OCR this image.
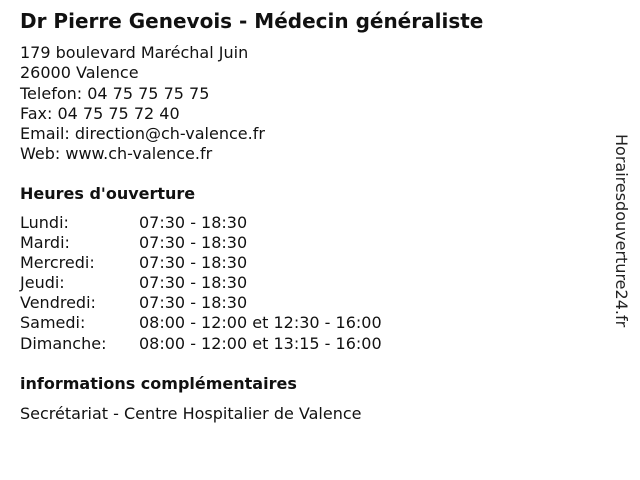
Dr Pierre Genevois - Médecin généraliste
179 boulevard Maréchal Juin
26000 Valence
Telefon: 04 75 75 75 75
Fax: 04 75 75 72 40
Email: direction@ch-valence.fr
Web: www.ch-valence.fr
Heures d'ouverture
Lundi:	07:30 - 18:30
Mardi:	07:30 - 18:30
Mercredi:	07:30 - 18:30
Jeudi:	07:30 - 18:30
Vendredi:	07:30 - 18:30
Samedi:	08:00 - 12:00 et 12:30 - 16:00
Dimanche:	08:00 - 12:00 et 13:15 - 16:00
informations complémentaires
Secrétariat - Centre Hospitalier de Valence
Horairesdouverture24.fr
